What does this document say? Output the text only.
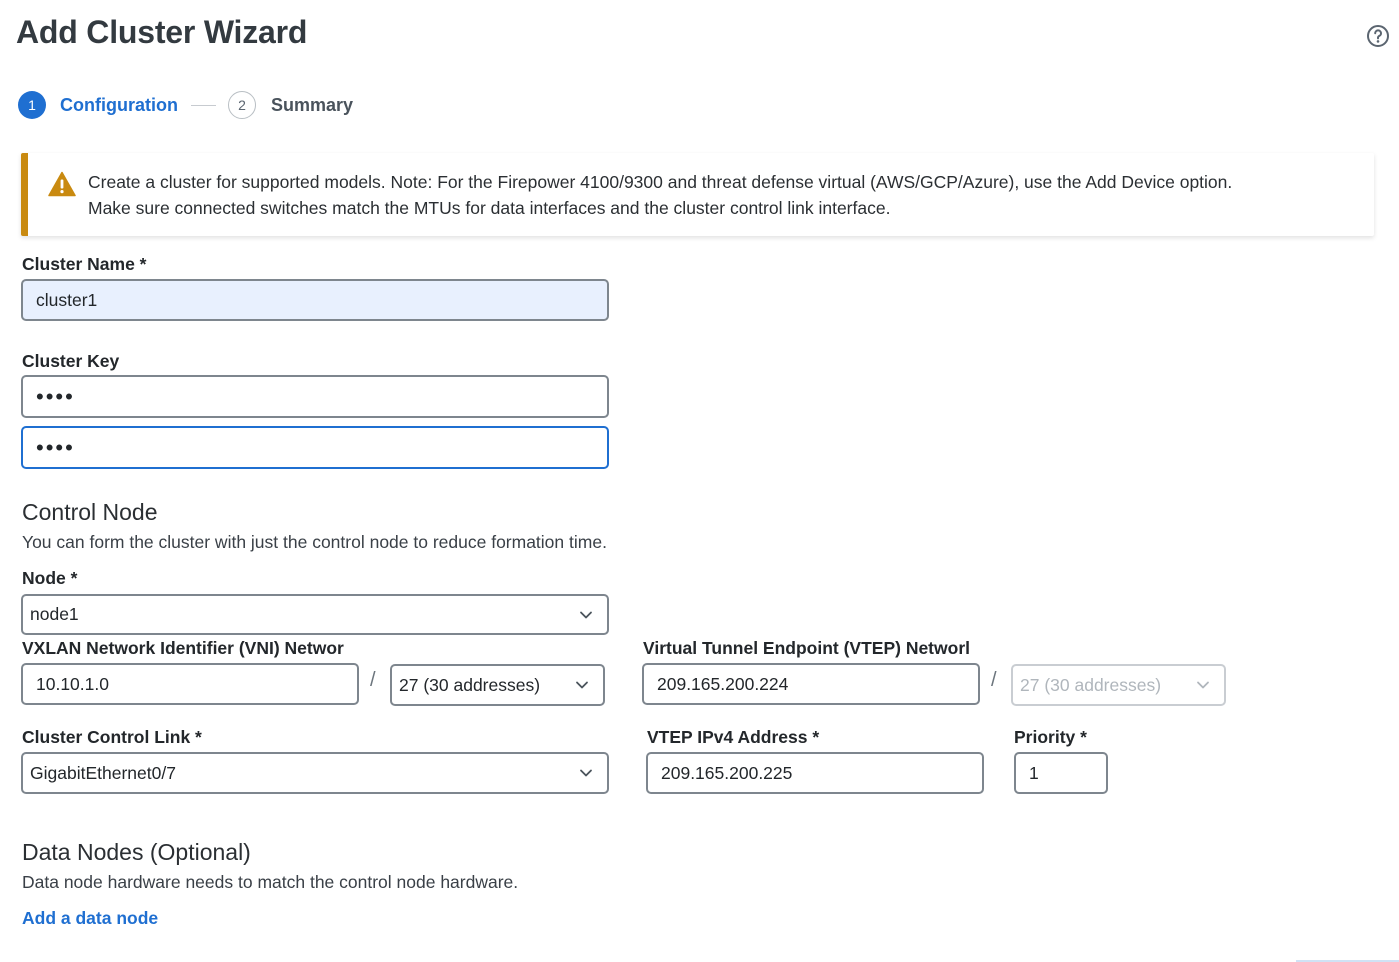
Add Cluster Wizard
1	Configuration	2	Summary
Create a cluster for supported models. Note: For the Firepower 4100/9300 and threat defense virtual (AWS/GCP/Azure), use the Add Device option.
Make sure connected switches match the MTUs for data interfaces and the cluster control link interface.
Cluster Name *
cluster1
Cluster Key
••••
••••
Control Node
You can form the cluster with just the control node to reduce formation time.
Node *
node1
VXLAN Network Identifier (VNI) Networ
10.10.1.0
/ 27 (30 addresses)
Virtual Tunnel Endpoint (VTEP) Networl
209.165.200.224
/ 27 (30 addresses)
Cluster Control Link *
GigabitEthernet0/7
VTEP IPv4 Address *
209.165.200.225	Priority *
1
Data Nodes (Optional)
Data node hardware needs to match the control node hardware.
Add a data node
